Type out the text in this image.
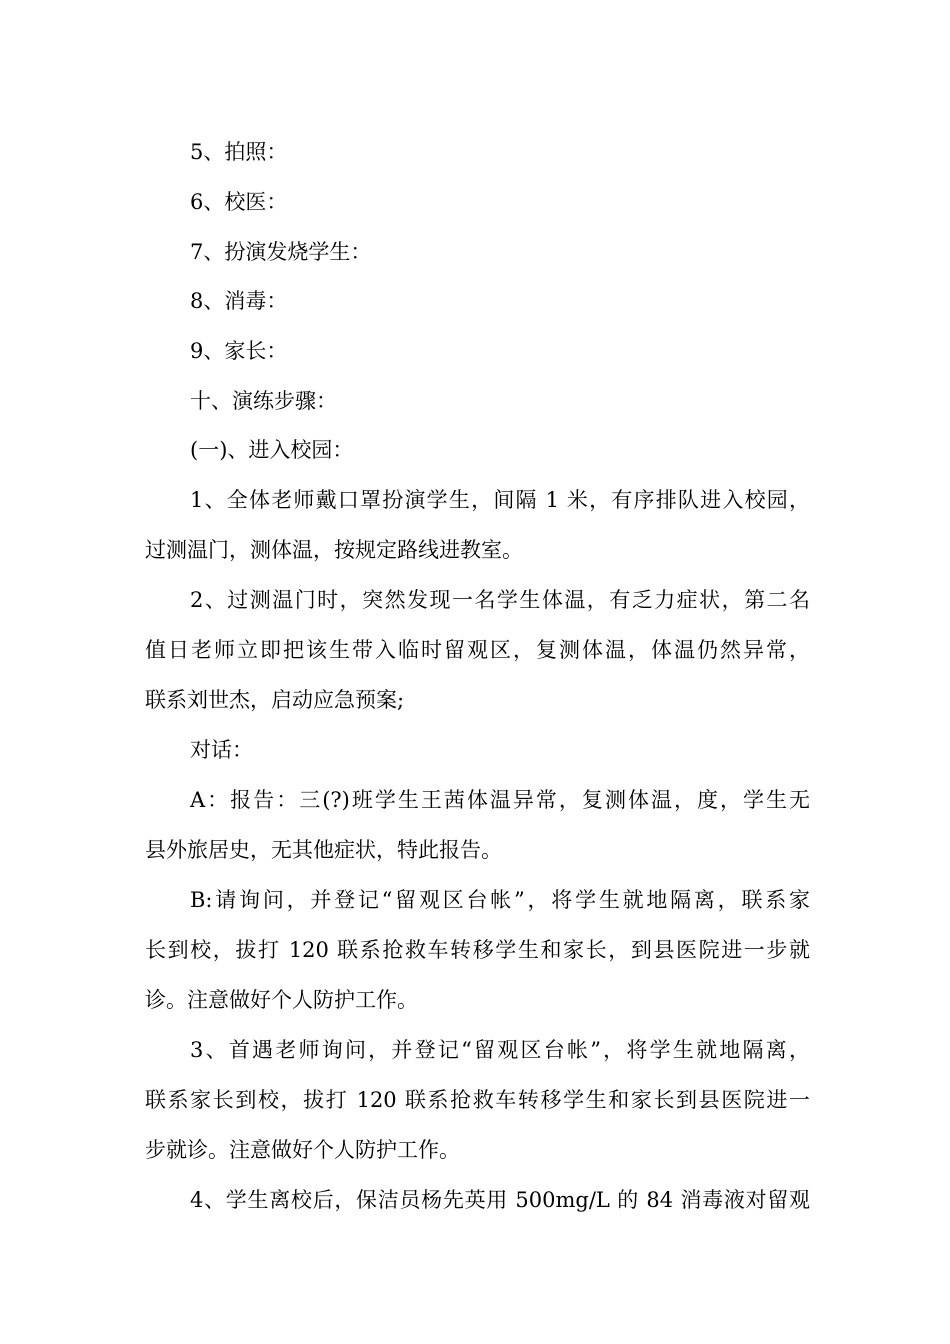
5、拍照：
6、校医：
7、扮演发烧学生：
8、消毒：
9、家长：
十、演练步骤：
(一)、进入校园：
1、全体老师戴口罩扮演学生，间隔 1 米，有序排队进入校园，
过测温门，测体温，按规定路线进教室。
2、过测温门时，突然发现一名学生体温，有乏力症状，第二名
值日老师立即把该生带入临时留观区，复测体温，体温仍然异常，
联系刘世杰，启动应急预案;
对话：
A：报告：三(?)班学生王茜体温异常，复测体温，度，学生无
县外旅居史，无其他症状，特此报告。
B:请询问，并登记“留观区台帐”，将学生就地隔离，联系家
长到校，拔打 120 联系抢救车转移学生和家长，到县医院进一步就
诊。注意做好个人防护工作。
3、首遇老师询问，并登记“留观区台帐”，将学生就地隔离，
联系家长到校，拔打 120 联系抢救车转移学生和家长到县医院进一
步就诊。注意做好个人防护工作。
4、学生离校后，保洁员杨先英用 500mg/L 的 84 消毒液对留观
